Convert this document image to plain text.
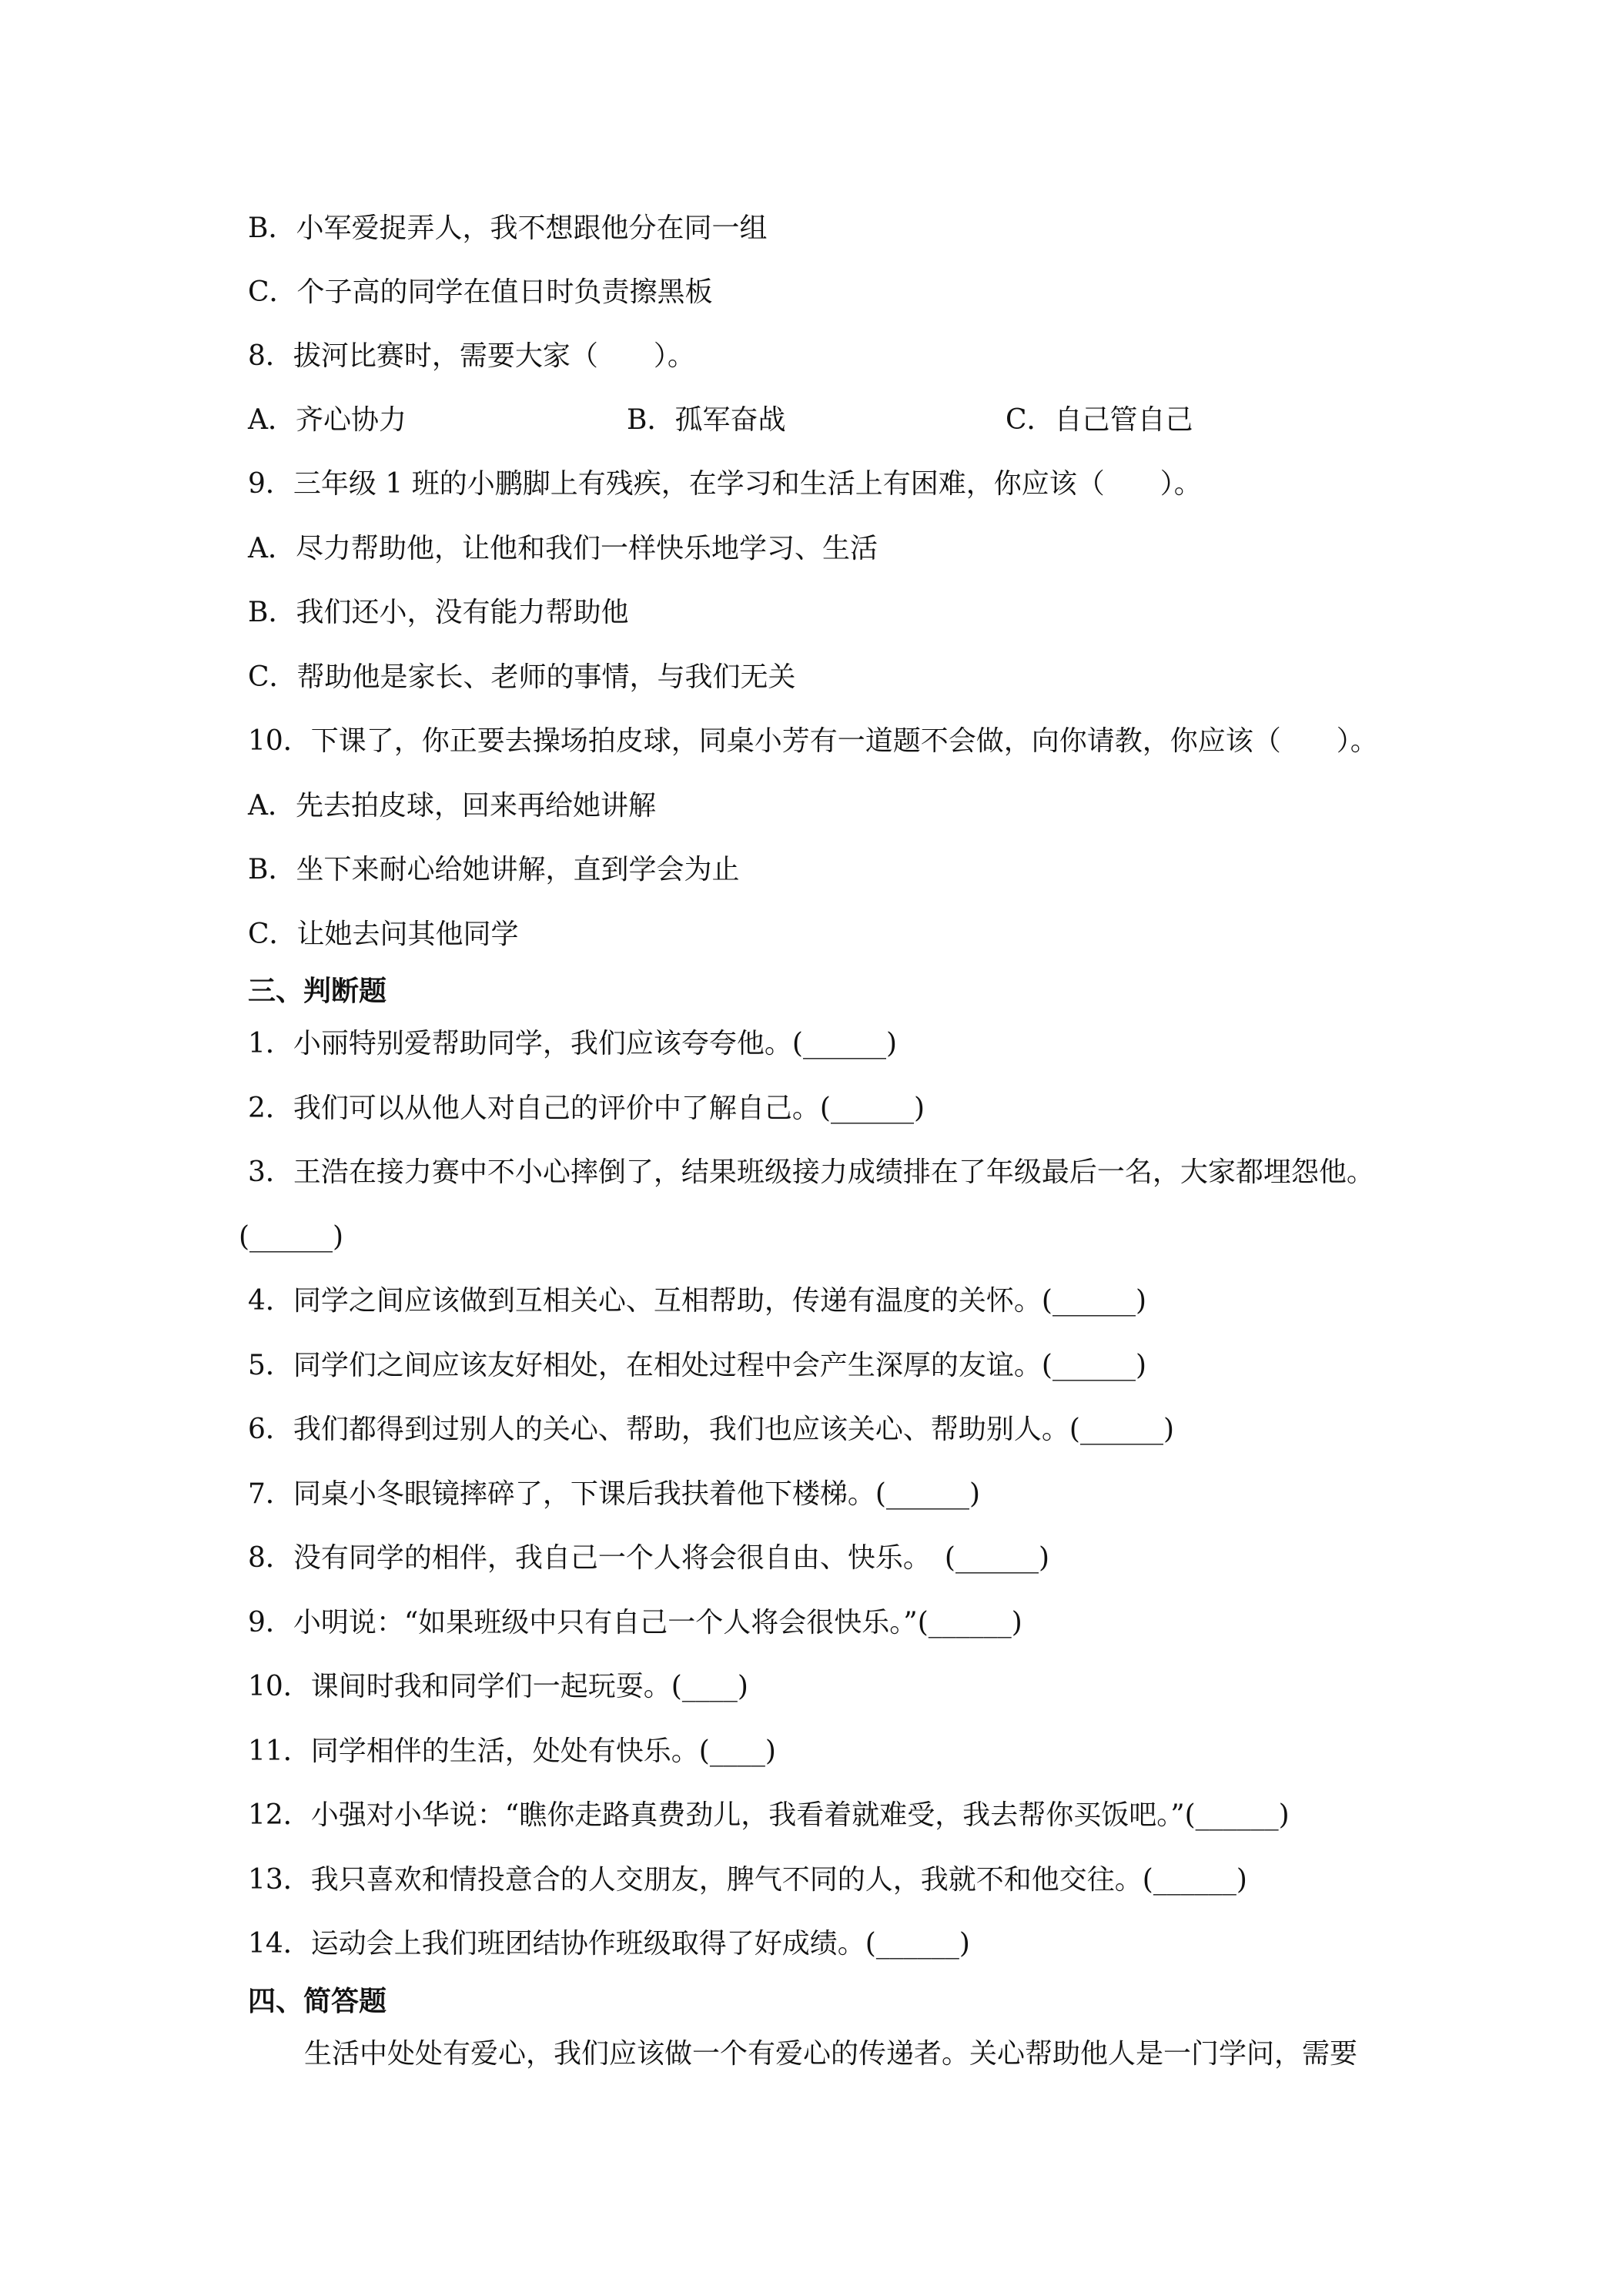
B．小军爱捉弄人，我不想跟他分在同一组
C．个子高的同学在值日时负责擦黑板
8．拔河比赛时，需要大家（　　）。
A．齐心协力	B．孤军奋战	C．自己管自己
9．三年级 1 班的小鹏脚上有残疾，在学习和生活上有困难，你应该（　　）。
A．尽力帮助他，让他和我们一样快乐地学习、生活
B．我们还小，没有能力帮助他
C．帮助他是家长、老师的事情，与我们无关
10．下课了，你正要去操场拍皮球，同桌小芳有一道题不会做，向你请教，你应该（　　）。
A．先去拍皮球，回来再给她讲解
B．坐下来耐心给她讲解，直到学会为止
C．让她去问其他同学
三、判断题
1．小丽特别爱帮助同学，我们应该夸夸他。(______)
2．我们可以从他人对自己的评价中了解自己。(______)
3．王浩在接力赛中不小心摔倒了，结果班级接力成绩排在了年级最后一名，大家都埋怨他。
(______)
4．同学之间应该做到互相关心、互相帮助，传递有温度的关怀。(______)
5．同学们之间应该友好相处，在相处过程中会产生深厚的友谊。(______)
6．我们都得到过别人的关心、帮助，我们也应该关心、帮助别人。(______)
7．同桌小冬眼镜摔碎了，下课后我扶着他下楼梯。(______)
8．没有同学的相伴，我自己一个人将会很自由、快乐。　(______)
9．小明说：“如果班级中只有自己一个人将会很快乐。”(______)
10．课间时我和同学们一起玩耍。(____)
11．同学相伴的生活，处处有快乐。(____)
12．小强对小华说：“瞧你走路真费劲儿，我看着就难受，我去帮你买饭吧。”(______)
13．我只喜欢和情投意合的人交朋友，脾气不同的人，我就不和他交往。(______)
14．运动会上我们班团结协作班级取得了好成绩。(______)
四、简答题
生活中处处有爱心，我们应该做一个有爱心的传递者。关心帮助他人是一门学问，需要
